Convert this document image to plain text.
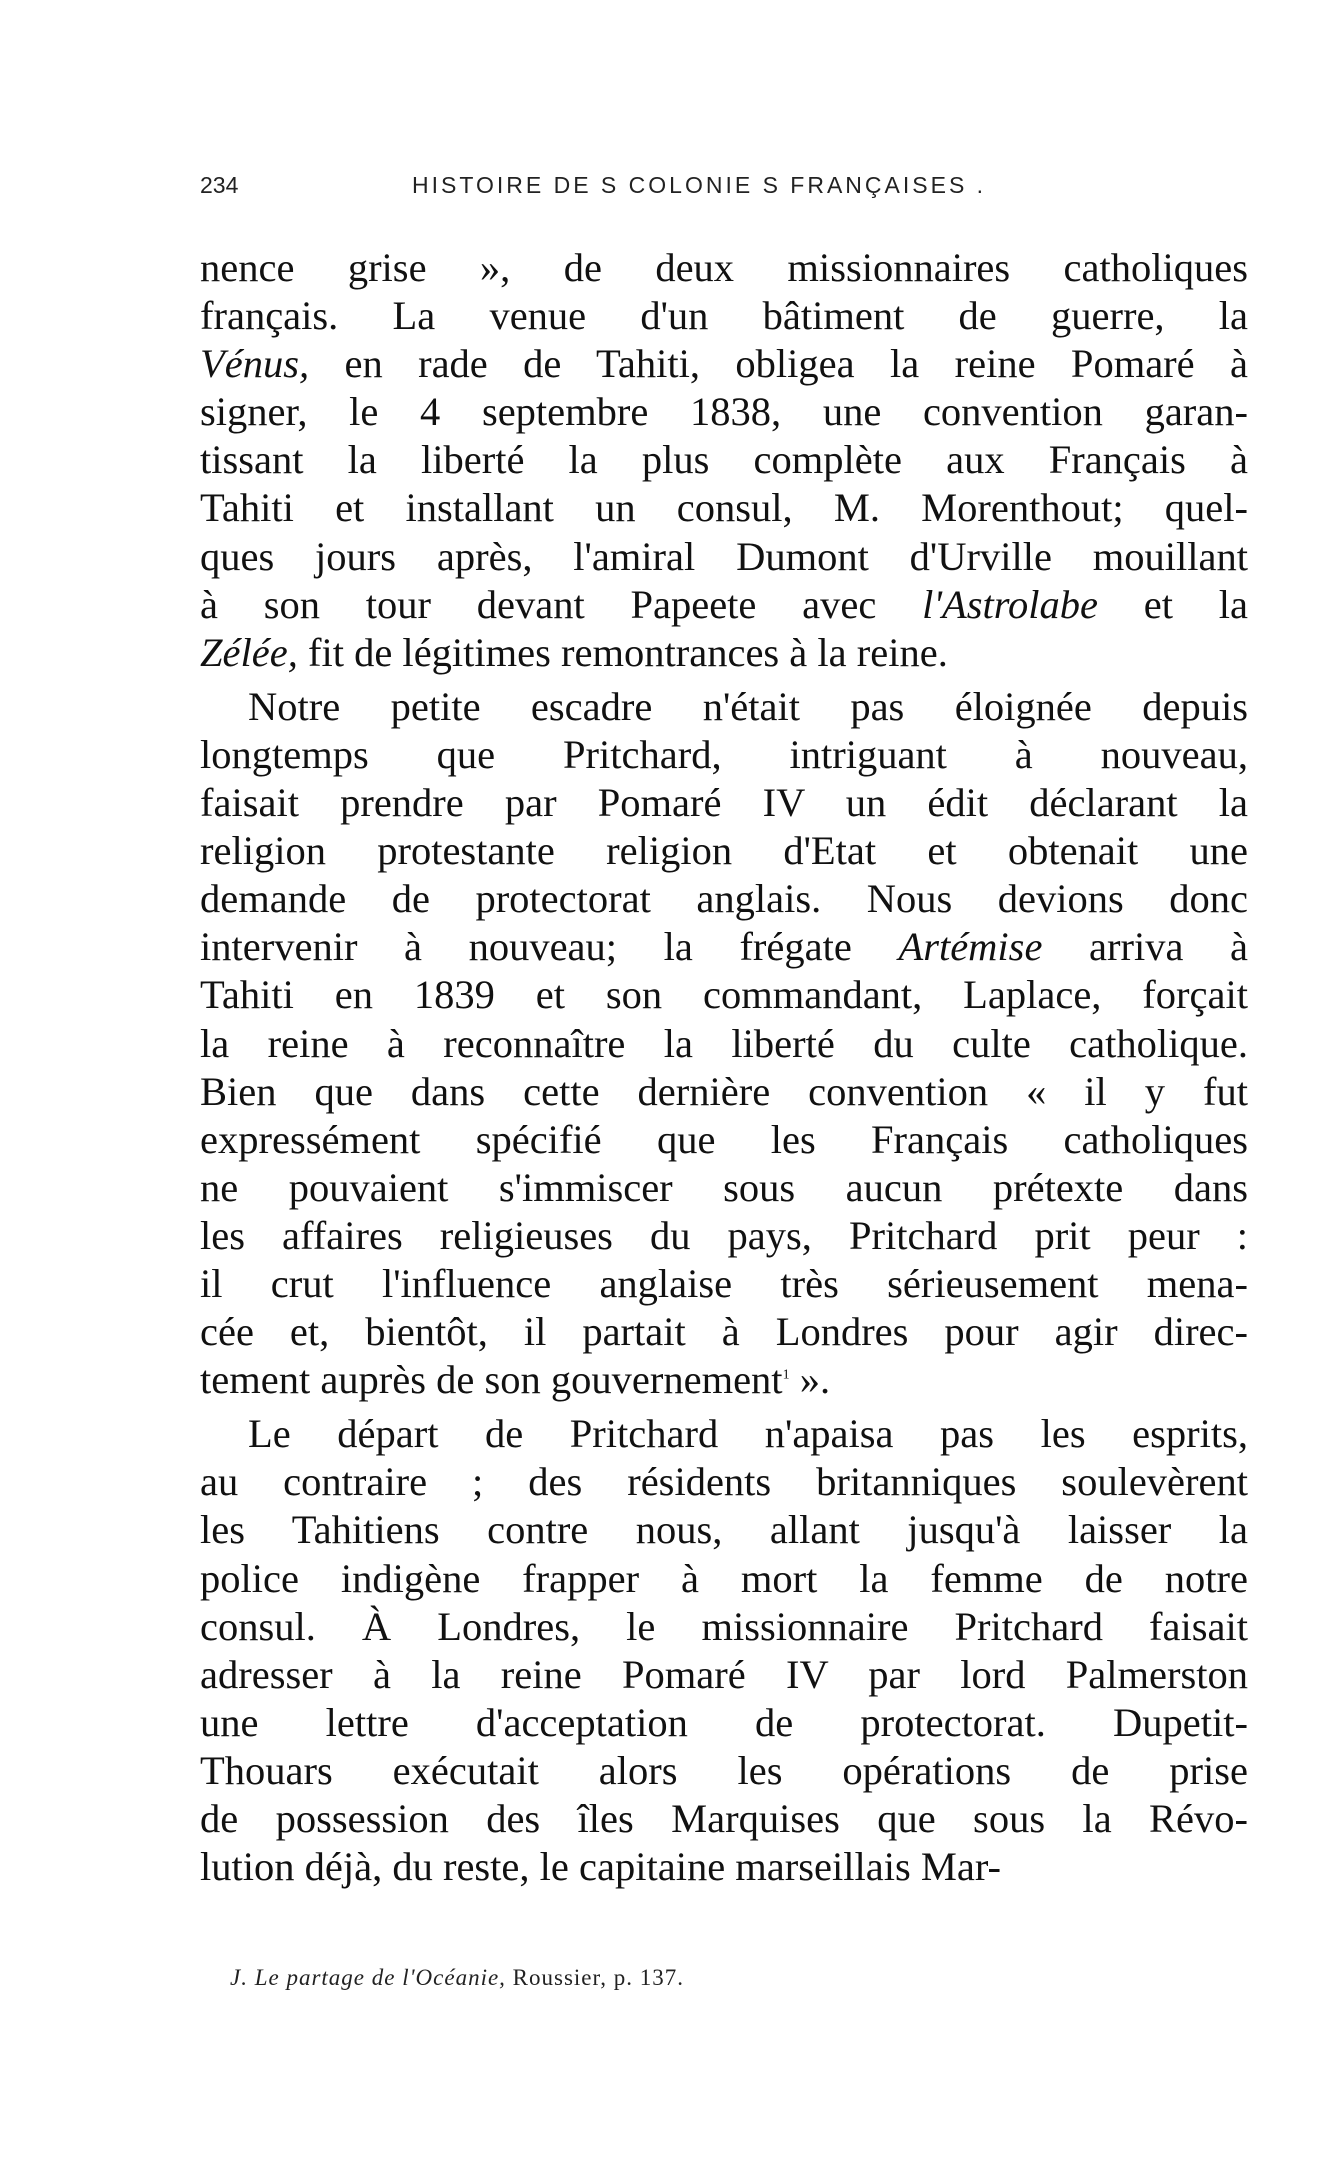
234	HISTOIRE DE S COLONIE S FRANÇAISES .
nence grise », de deux missionnaires catholiques
français. La venue d'un bâtiment de guerre, la
Vénus, en rade de Tahiti, obligea la reine Pomaré à
signer, le 4 septembre 1838, une convention garan-
tissant la liberté la plus complète aux Français à
Tahiti et installant un consul, M. Morenthout; quel-
ques jours après, l'amiral Dumont d'Urville mouillant
à son tour devant Papeete avec l'Astrolabe et la
Zélée, fit de légitimes remontrances à la reine.
Notre petite escadre n'était pas éloignée depuis
longtemps que Pritchard, intriguant à nouveau,
faisait prendre par Pomaré IV un édit déclarant la
religion protestante religion d'Etat et obtenait une
demande de protectorat anglais. Nous devions donc
intervenir à nouveau; la frégate Artémise arriva à
Tahiti en 1839 et son commandant, Laplace, forçait
la reine à reconnaître la liberté du culte catholique.
Bien que dans cette dernière convention « il y fut
expressément spécifié que les Français catholiques
ne pouvaient s'immiscer sous aucun prétexte dans
les affaires religieuses du pays, Pritchard prit peur :
il crut l'influence anglaise très sérieusement mena-
cée et, bientôt, il partait à Londres pour agir direc-
tement auprès de son gouvernement$^1$ ».
Le départ de Pritchard n'apaisa pas les esprits,
au contraire ; des résidents britanniques soulevèrent
les Tahitiens contre nous, allant jusqu'à laisser la
police indigène frapper à mort la femme de notre
consul. À Londres, le missionnaire Pritchard faisait
adresser à la reine Pomaré IV par lord Palmerston
une lettre d'acceptation de protectorat. Dupetit-
Thouars exécutait alors les opérations de prise
de possession des îles Marquises que sous la Révo-
lution déjà, du reste, le capitaine marseillais Mar-
J. Le partage de l'Océanie, Roussier, p. 137.
